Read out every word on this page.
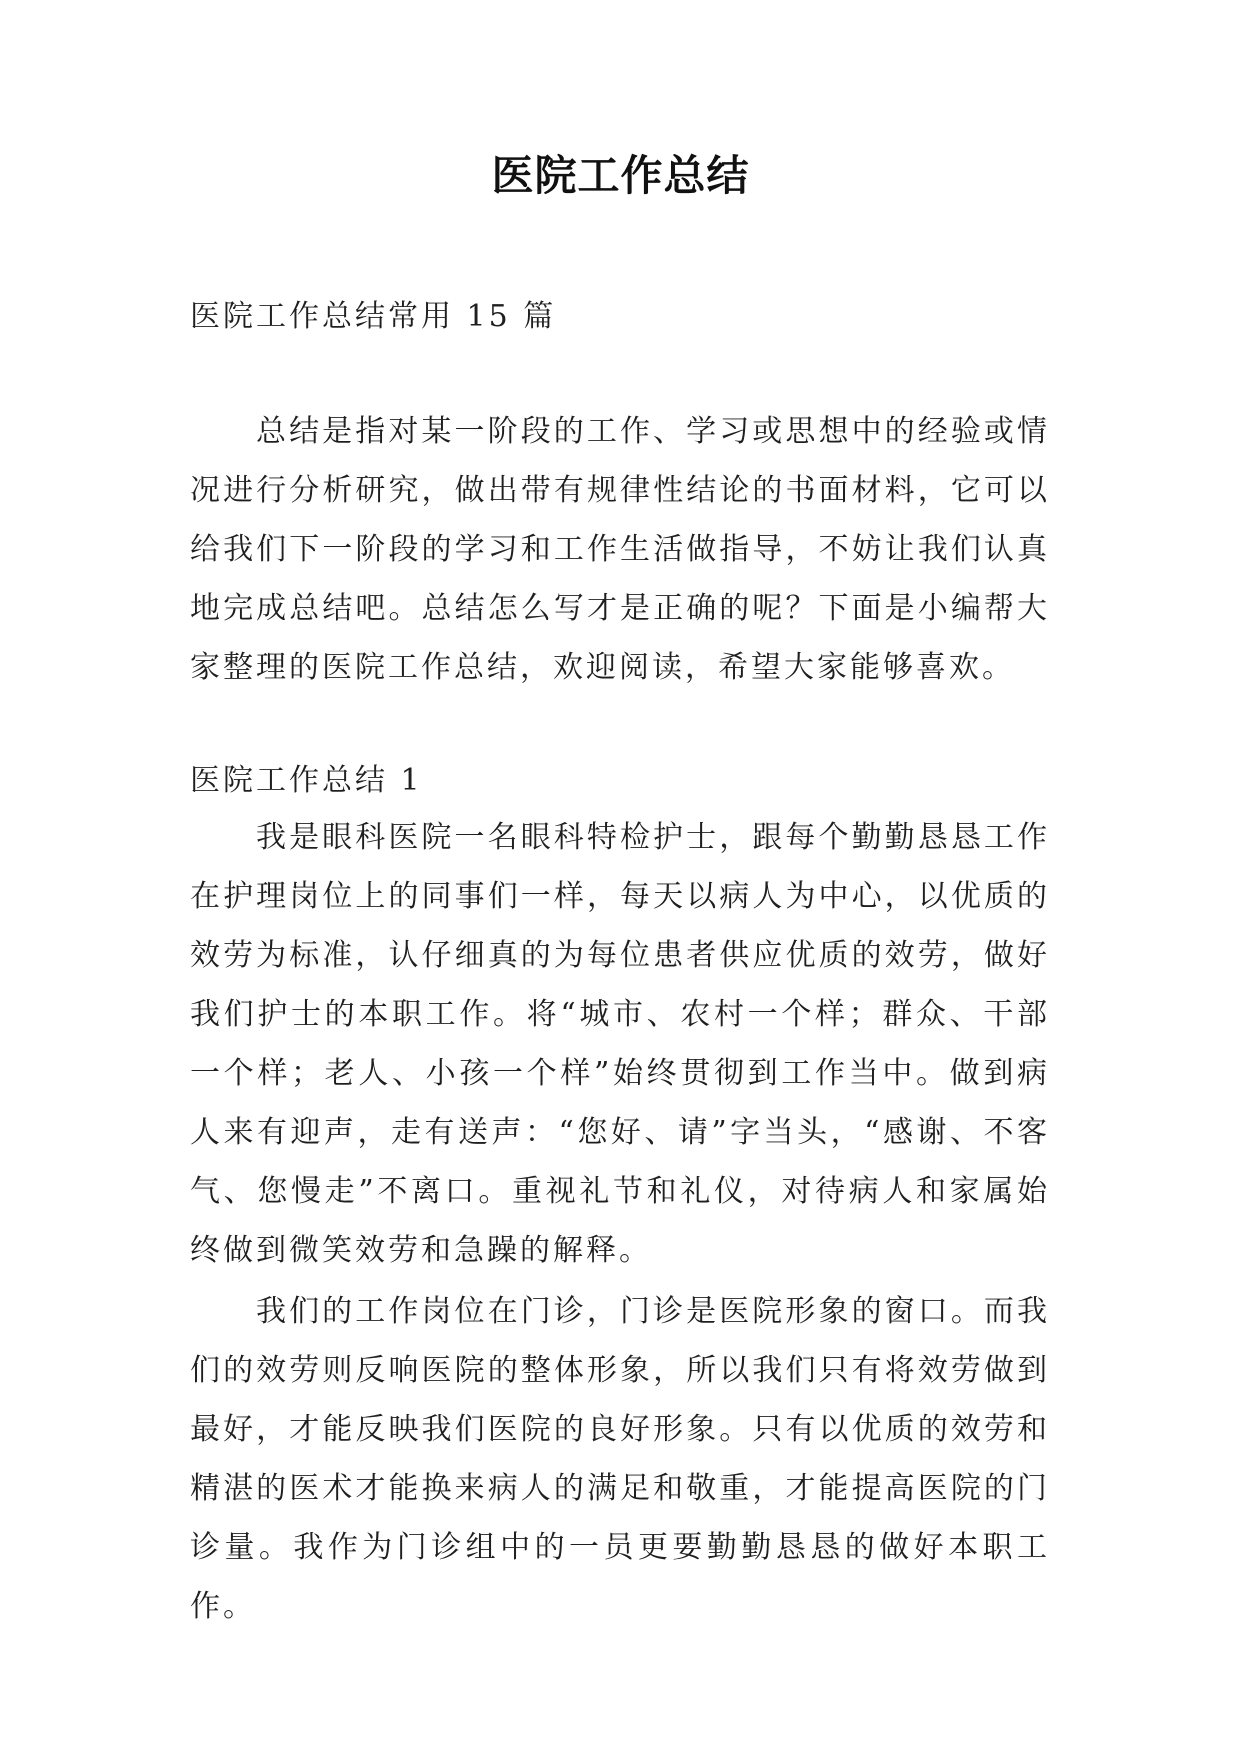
医院工作总结

医院工作总结常用 15 篇

总结是指对某一阶段的工作、学习或思想中的经验或情况进行分析研究，做出带有规律性结论的书面材料，它可以给我们下一阶段的学习和工作生活做指导，不妨让我们认真地完成总结吧。总结怎么写才是正确的呢？下面是小编帮大家整理的医院工作总结，欢迎阅读，希望大家能够喜欢。

医院工作总结 1

我是眼科医院一名眼科特检护士，跟每个勤勤恳恳工作在护理岗位上的同事们一样，每天以病人为中心，以优质的效劳为标准，认仔细真的为每位患者供应优质的效劳，做好我们护士的本职工作。将“城市、农村一个样；群众、干部一个样；老人、小孩一个样”始终贯彻到工作当中。做到病人来有迎声，走有送声：“您好、请”字当头，“感谢、不客气、您慢走”不离口。重视礼节和礼仪，对待病人和家属始终做到微笑效劳和急躁的解释。

我们的工作岗位在门诊，门诊是医院形象的窗口。而我们的效劳则反响医院的整体形象，所以我们只有将效劳做到最好，才能反映我们医院的良好形象。只有以优质的效劳和精湛的医术才能换来病人的满足和敬重，才能提高医院的门诊量。我作为门诊组中的一员更要勤勤恳恳的做好本职工作。
